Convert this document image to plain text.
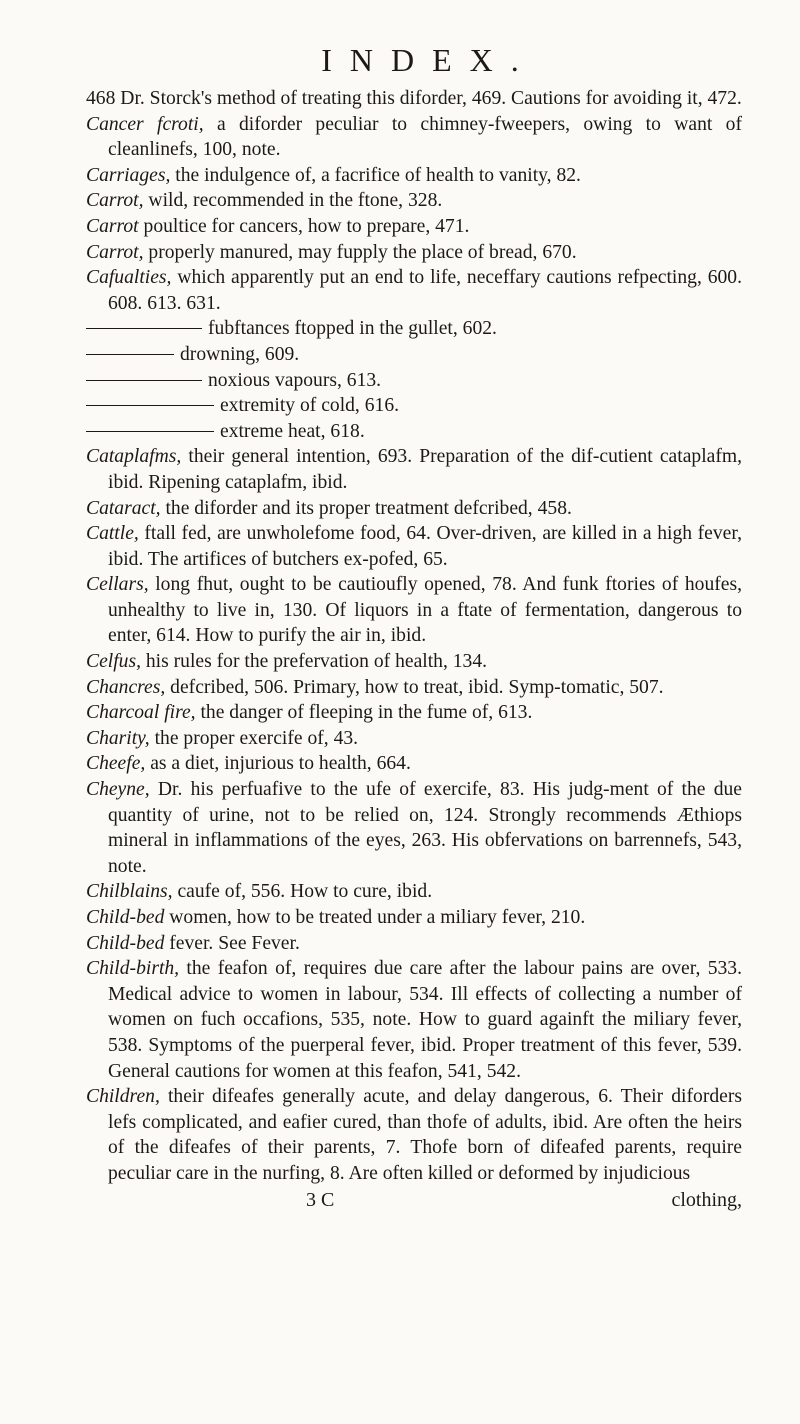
INDEX.

468 Dr. Storck's method of treating this diforder, 469. Cautions for avoiding it, 472.

Cancer fcroti, a diforder peculiar to chimney-fweepers, owing to want of cleanlinefs, 100, note.

Carriages, the indulgence of, a facrifice of health to vanity, 82.

Carrot, wild, recommended in the ftone, 328.

Carrot poultice for cancers, how to prepare, 471.

Carrot, properly manured, may fupply the place of bread, 670.

Cafualties, which apparently put an end to life, neceffary cautions refpecting, 600. 608. 613. 631.

fubftances ftopped in the gullet, 602.

drowning, 609.

noxious vapours, 613.

extremity of cold, 616.

extreme heat, 618.

Cataplafms, their general intention, 693. Preparation of the dif-cutient cataplafm, ibid. Ripening cataplafm, ibid.

Cataract, the diforder and its proper treatment defcribed, 458.

Cattle, ftall fed, are unwholefome food, 64. Over-driven, are killed in a high fever, ibid. The artifices of butchers ex-pofed, 65.

Cellars, long fhut, ought to be cautioufly opened, 78. And funk ftories of houfes, unhealthy to live in, 130. Of liquors in a ftate of fermentation, dangerous to enter, 614. How to purify the air in, ibid.

Celfus, his rules for the prefervation of health, 134.

Chancres, defcribed, 506. Primary, how to treat, ibid. Symp-tomatic, 507.

Charcoal fire, the danger of fleeping in the fume of, 613.

Charity, the proper exercife of, 43.

Cheefe, as a diet, injurious to health, 664.

Cheyne, Dr. his perfuafive to the ufe of exercife, 83. His judg-ment of the due quantity of urine, not to be relied on, 124. Strongly recommends Æthiops mineral in inflammations of the eyes, 263. His obfervations on barrennefs, 543, note.

Chilblains, caufe of, 556. How to cure, ibid.

Child-bed women, how to be treated under a miliary fever, 210.

Child-bed fever. See Fever.

Child-birth, the feafon of, requires due care after the labour pains are over, 533. Medical advice to women in labour, 534. Ill effects of collecting a number of women on fuch occafions, 535, note. How to guard againft the miliary fever, 538. Symptoms of the puerperal fever, ibid. Proper treatment of this fever, 539. General cautions for women at this feafon, 541, 542.

Children, their difeafes generally acute, and delay dangerous, 6. Their diforders lefs complicated, and eafier cured, than thofe of adults, ibid. Are often the heirs of the difeafes of their parents, 7. Thofe born of difeafed parents, require peculiar care in the nurfing, 8. Are often killed or deformed by injudicious

3 C	clothing,
